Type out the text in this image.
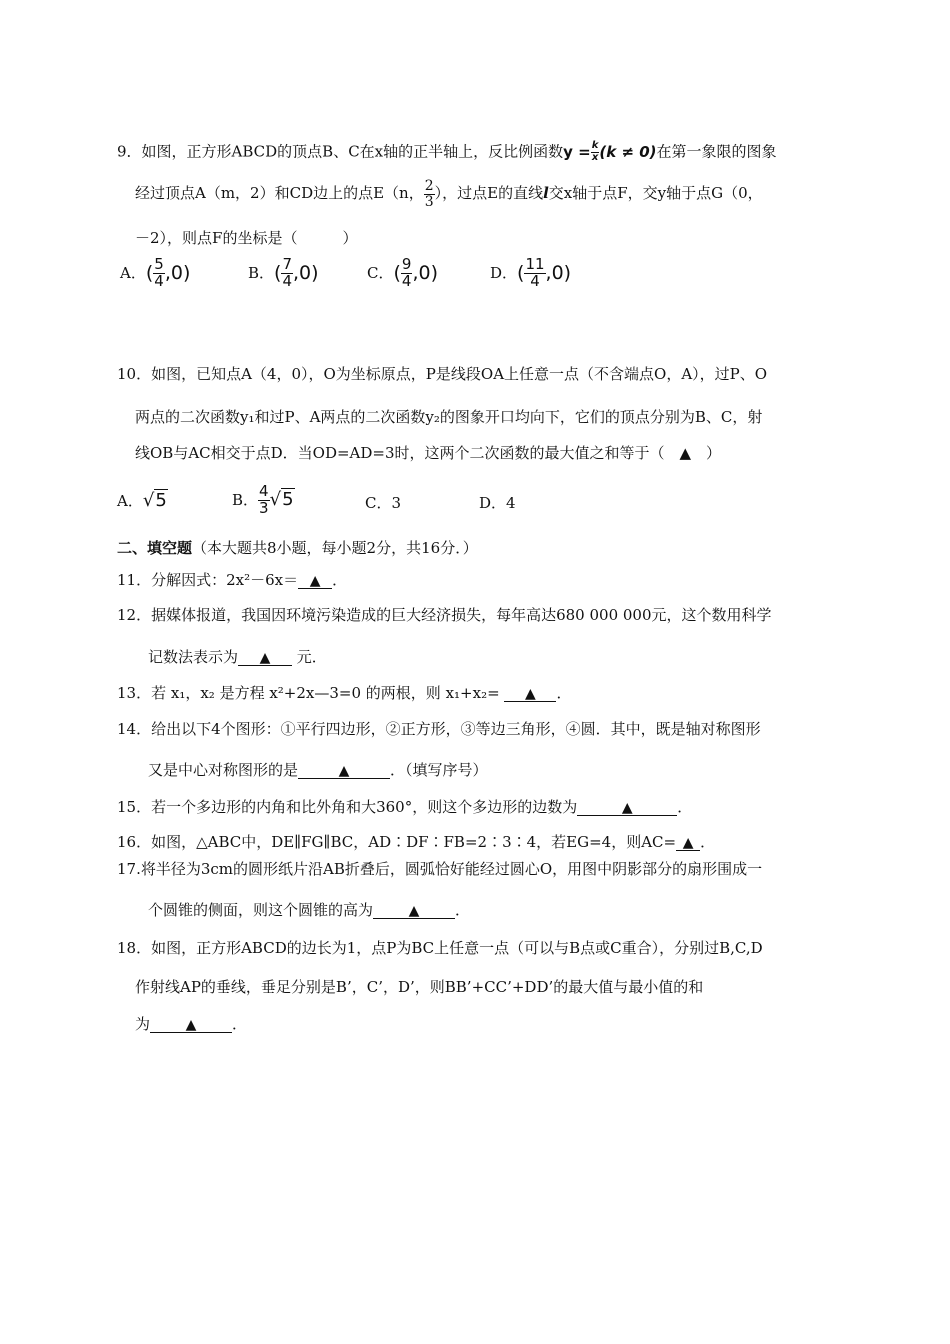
9．如图，正方形ABCD的顶点B、C在x轴的正半轴上，反比例函数$y = \frac{k}{x} (k \ne 0)$在第一象限的图象
经过顶点A（m，2）和CD边上的点E（n， $\frac{2}{3}$ ），过点E的直线l交x轴于点F，交y轴于点G（0，
－2），则点F的坐标是（　　　）
A． ( $\frac{5}{4} ,0$)	B． ( $\frac{7}{4} ,0$)	C． ( $\frac{9}{4} ,0$)	D． ( $\frac{11}{4} ,0$)
10．如图，已知点A（4，0），O为坐标原点，P是线段OA上任意一点（不含端点O，A），过P、O
两点的二次函数y₁和过P、A两点的二次函数y₂的图象开口均向下，它们的顶点分别为B、C，射
线OB与AC相交于点D．当OD=AD=3时，这两个二次函数的最大值之和等于（　▲　）
A． √5	B． $\frac{4}{3} √5$	C．3	D．4
二、填空题（本大题共8小题，每小题2分，共16分．）
11．分解因式：2x²－6x＝ ▲ ．
12．据媒体报道，我国因环境污染造成的巨大经济损失，每年高达680 000 000元，这个数用科学
记数法表示为 ▲ 元．
13．若 x₁，x₂ 是方程 x²+2x—3=0 的两根，则 x₁+x₂= ▲ ．
14．给出以下4个图形：①平行四边形，②正方形，③等边三角形，④圆．其中，既是轴对称图形
又是中心对称图形的是	▲	．（填写序号）
15．若一个多边形的内角和比外角和大360°，则这个多边形的边数为	▲	．
16．如图，△ABC中，DE∥FG∥BC，AD∶DF∶FB=2∶3∶4，若EG=4，则AC= ▲ ．
17.将半径为3cm的圆形纸片沿AB折叠后，圆弧恰好能经过圆心O，用图中阴影部分的扇形围成一
个圆锥的侧面，则这个圆锥的高为	▲ ．
18．如图，正方形ABCD的边长为1，点P为BC上任意一点（可以与B点或C重合），分别过B,C,D
作射线AP的垂线，垂足分别是B’，C’，D’，则BB’+CC’+DD’的最大值与最小值的和
为	▲ ．
